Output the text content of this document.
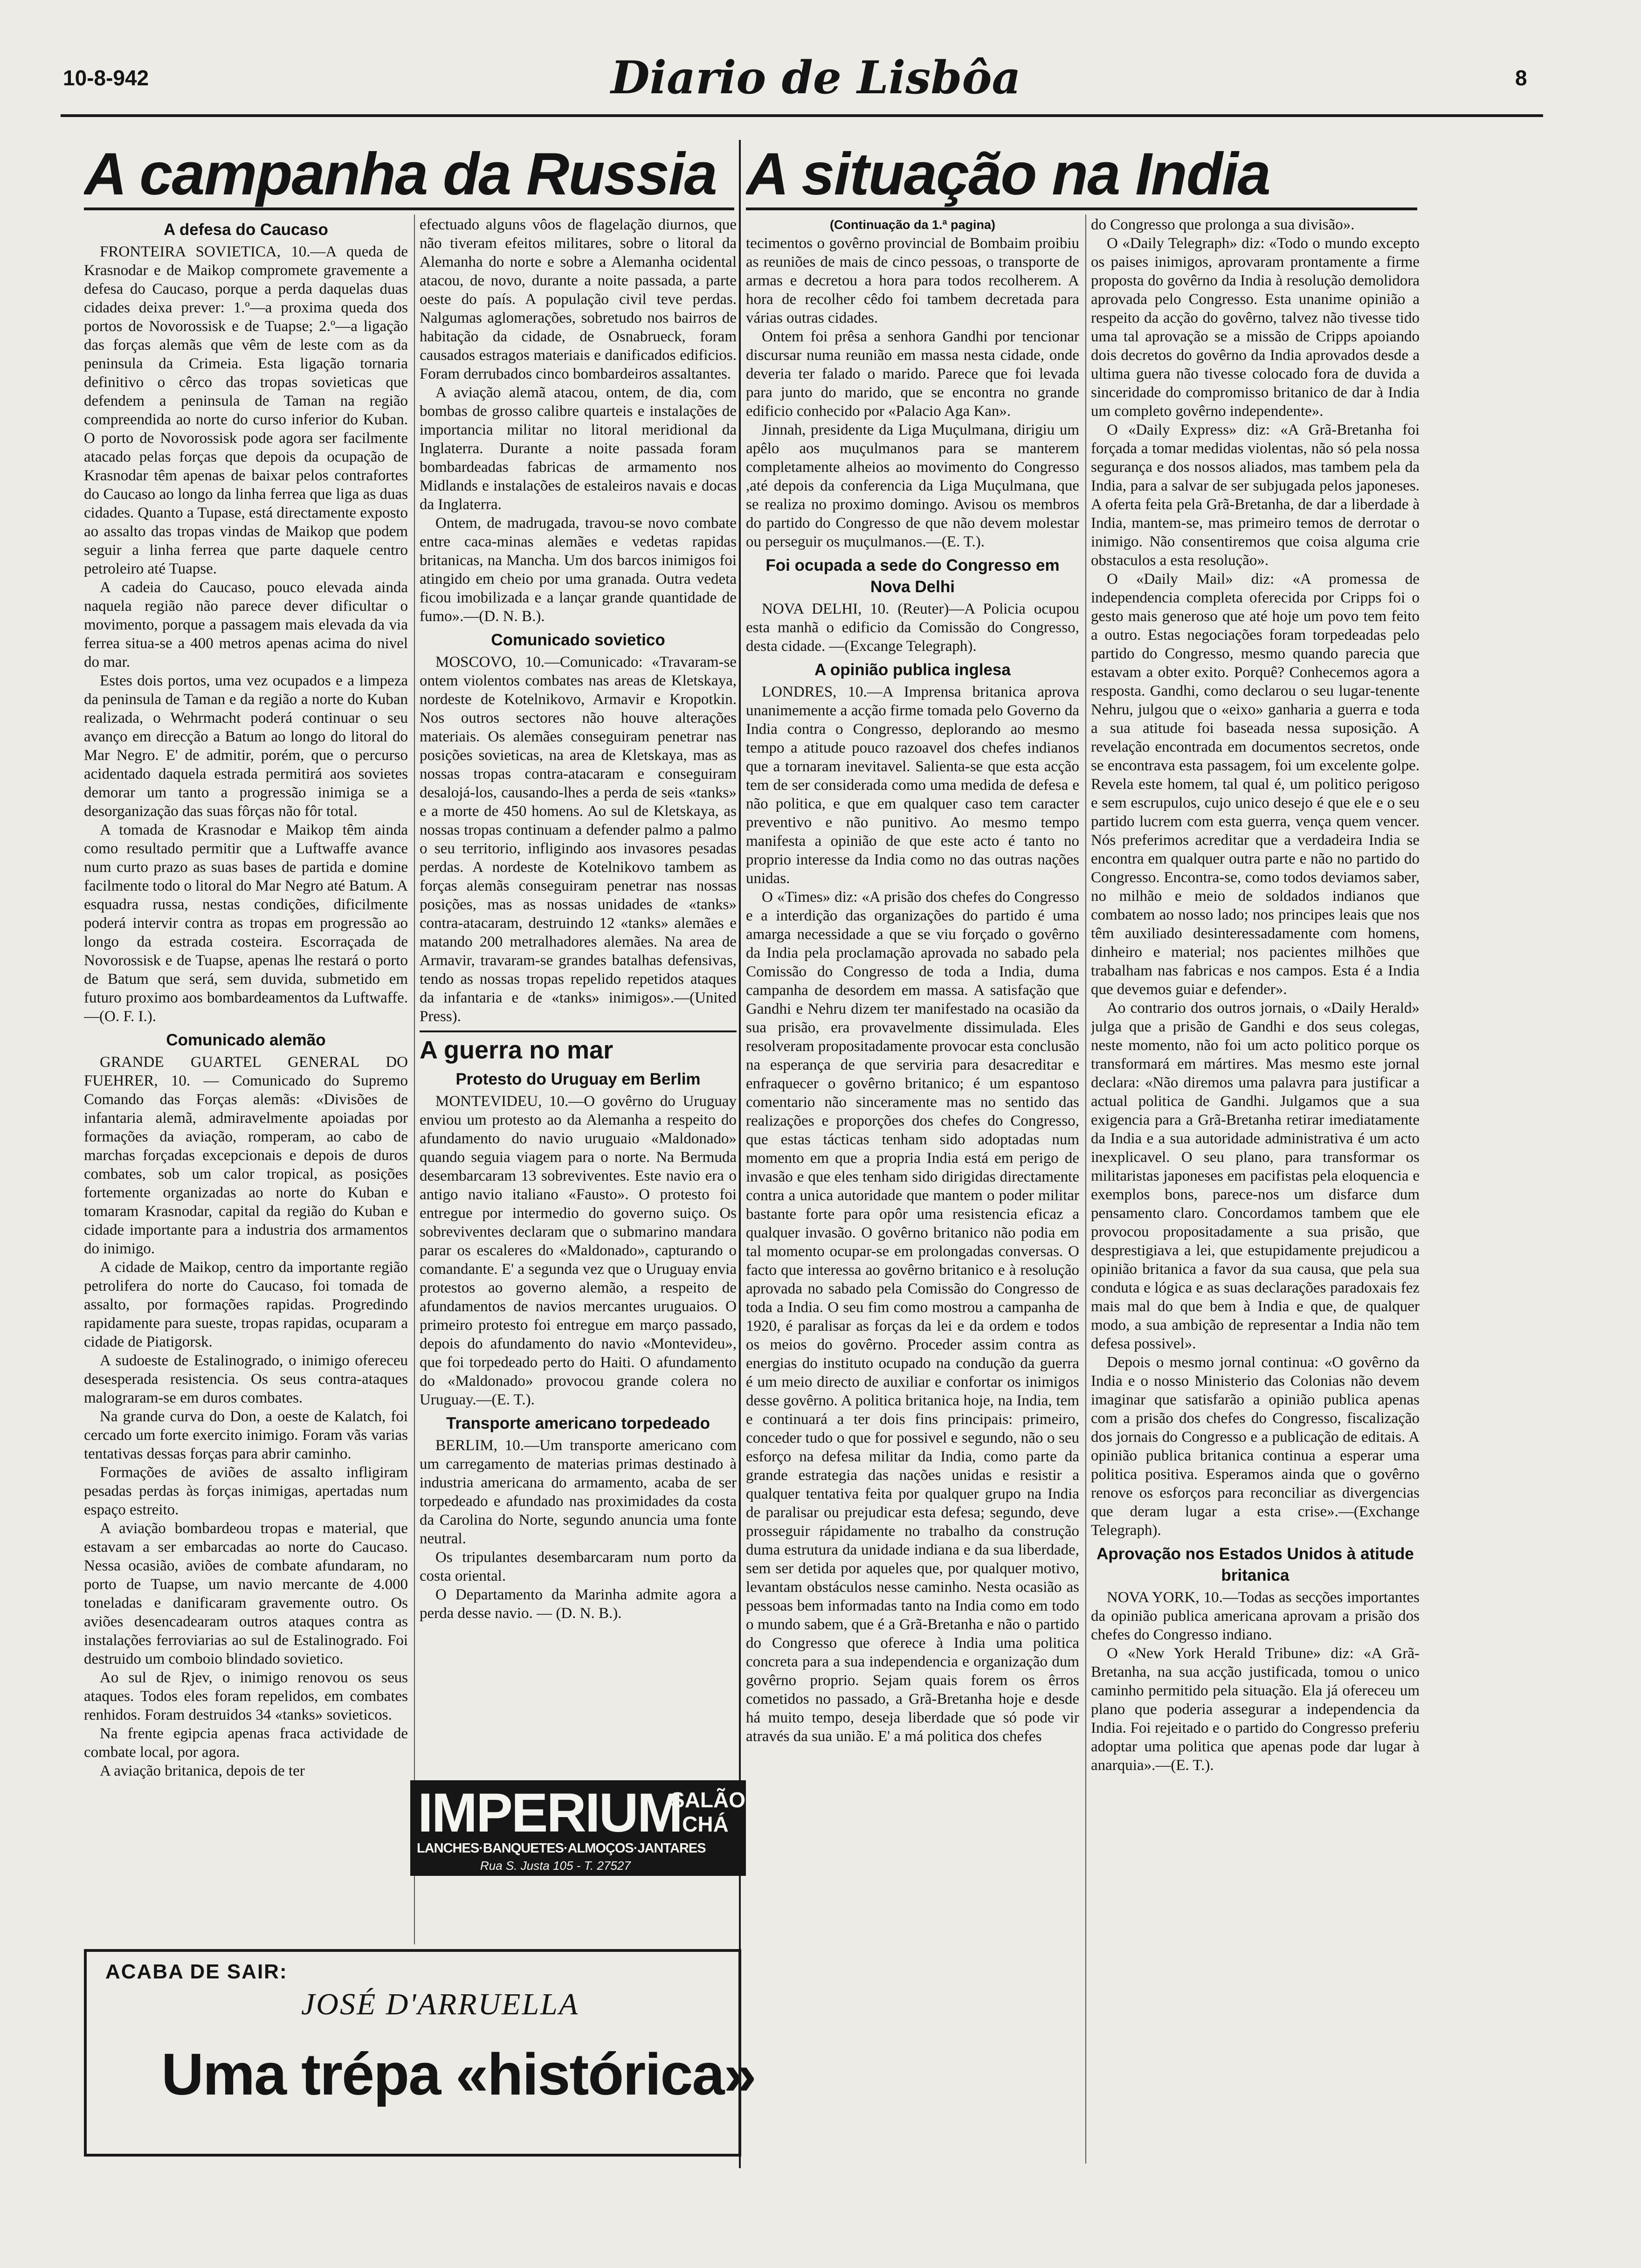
10-8-942	Diario de Lisbôa	8
A campanha da Russia A situação na India
A defesa do Caucaso

FRONTEIRA SOVIETICA, 10.—A queda de Krasnodar e de Maikop compromete gravemente a defesa do Caucaso, porque a perda daquelas duas cidades deixa prever: 1.º—a proxima queda dos portos de Novorossisk e de Tuapse; 2.º—a ligação das forças alemãs que vêm de leste com as da peninsula da Crimeia. Esta ligação tornaria definitivo o cêrco das tropas sovieticas que defendem a peninsula de Taman na região compreendida ao norte do curso inferior do Kuban. O porto de Novorossisk pode agora ser facilmente atacado pelas forças que depois da ocupação de Krasnodar têm apenas de baixar pelos contrafortes do Caucaso ao longo da linha ferrea que liga as duas cidades. Quanto a Tupase, está directamente exposto ao assalto das tropas vindas de Maikop que podem seguir a linha ferrea que parte daquele centro petroleiro até Tuapse.

A cadeia do Caucaso, pouco elevada ainda naquela região não parece dever dificultar o movimento, porque a passagem mais elevada da via ferrea situa-se a 400 metros apenas acima do nivel do mar.

Estes dois portos, uma vez ocupados e a limpeza da peninsula de Taman e da região a norte do Kuban realizada, o Wehrmacht poderá continuar o seu avanço em direcção a Batum ao longo do litoral do Mar Negro. E' de admitir, porém, que o percurso acidentado daquela estrada permitirá aos sovietes demorar um tanto a progressão inimiga se a desorganização das suas fôrças não fôr total.

A tomada de Krasnodar e Maikop têm ainda como resultado permitir que a Luftwaffe avance num curto prazo as suas bases de partida e domine facilmente todo o litoral do Mar Negro até Batum. A esquadra russa, nestas condições, dificilmente poderá intervir contra as tropas em progressão ao longo da estrada costeira. Escorraçada de Novorossisk e de Tuapse, apenas lhe restará o porto de Batum que será, sem duvida, submetido em futuro proximo aos bombardeamentos da Luftwaffe.—(O. F. I.).

Comunicado alemão

GRANDE GUARTEL GENERAL DO FUEHRER, 10. — Comunicado do Supremo Comando das Forças alemãs: «Divisões de infantaria alemã, admiravelmente apoiadas por formações da aviação, romperam, ao cabo de marchas forçadas excepcionais e depois de duros combates, sob um calor tropical, as posições fortemente organizadas ao norte do Kuban e tomaram Krasnodar, capital da região do Kuban e cidade importante para a industria dos armamentos do inimigo.

A cidade de Maikop, centro da importante região petrolifera do norte do Caucaso, foi tomada de assalto, por formações rapidas. Progredindo rapidamente para sueste, tropas rapidas, ocuparam a cidade de Piatigorsk.

A sudoeste de Estalinogrado, o inimigo ofereceu desesperada resistencia. Os seus contra-ataques malograram-se em duros combates.

Na grande curva do Don, a oeste de Kalatch, foi cercado um forte exercito inimigo. Foram vãs varias tentativas dessas forças para abrir caminho.

Formações de aviões de assalto infligiram pesadas perdas às forças inimigas, apertadas num espaço estreito.

A aviação bombardeou tropas e material, que estavam a ser embarcadas ao norte do Caucaso. Nessa ocasião, aviões de combate afundaram, no porto de Tuapse, um navio mercante de 4.000 toneladas e danificaram gravemente outro. Os aviões desencadearam outros ataques contra as instalações ferroviarias ao sul de Estalinogrado. Foi destruido um comboio blindado sovietico.

Ao sul de Rjev, o inimigo renovou os seus ataques. Todos eles foram repelidos, em combates renhidos. Foram destruidos 34 «tanks» sovieticos.

Na frente egipcia apenas fraca actividade de combate local, por agora.

A aviação britanica, depois de ter

efectuado alguns vôos de flagelação diurnos, que não tiveram efeitos militares, sobre o litoral da Alemanha do norte e sobre a Alemanha ocidental atacou, de novo, durante a noite passada, a parte oeste do país. A população civil teve perdas. Nalgumas aglomerações, sobretudo nos bairros de habitação da cidade, de Osnabrueck, foram causados estragos materiais e danificados edificios. Foram derrubados cinco bombardeiros assaltantes.

A aviação alemã atacou, ontem, de dia, com bombas de grosso calibre quarteis e instalações de importancia militar no litoral meridional da Inglaterra. Durante a noite passada foram bombardeadas fabricas de armamento nos Midlands e instalações de estaleiros navais e docas da Inglaterra.

Ontem, de madrugada, travou-se novo combate entre caca-minas alemães e vedetas rapidas britanicas, na Mancha. Um dos barcos inimigos foi atingido em cheio por uma granada. Outra vedeta ficou imobilizada e a lançar grande quantidade de fumo».—(D. N. B.).

Comunicado sovietico

MOSCOVO, 10.—Comunicado: «Travaram-se ontem violentos combates nas areas de Kletskaya, nordeste de Kotelnikovo, Armavir e Kropotkin. Nos outros sectores não houve alterações materiais. Os alemães conseguiram penetrar nas posições sovieticas, na area de Kletskaya, mas as nossas tropas contra-atacaram e conseguiram desalojá-los, causando-lhes a perda de seis «tanks» e a morte de 450 homens. Ao sul de Kletskaya, as nossas tropas continuam a defender palmo a palmo o seu territorio, infligindo aos invasores pesadas perdas. A nordeste de Kotelnikovo tambem as forças alemãs conseguiram penetrar nas nossas posições, mas as nossas unidades de «tanks» contra-atacaram, destruindo 12 «tanks» alemães e matando 200 metralhadores alemães. Na area de Armavir, travaram-se grandes batalhas defensivas, tendo as nossas tropas repelido repetidos ataques da infantaria e de «tanks» inimigos».—(United Press).

A guerra no mar
Protesto do Uruguay em Berlim

MONTEVIDEU, 10.—O govêrno do Uruguay enviou um protesto ao da Alemanha a respeito do afundamento do navio uruguaio «Maldonado» quando seguia viagem para o norte. Na Bermuda desembarcaram 13 sobreviventes. Este navio era o antigo navio italiano «Fausto». O protesto foi entregue por intermedio do governo suiço. Os sobreviventes declaram que o submarino mandara parar os escaleres do «Maldonado», capturando o comandante. E' a segunda vez que o Uruguay envia protestos ao governo alemão, a respeito de afundamentos de navios mercantes uruguaios. O primeiro protesto foi entregue em março passado, depois do afundamento do navio «Montevideu», que foi torpedeado perto do Haiti. O afundamento do «Maldonado» provocou grande colera no Uruguay.—(E. T.).

Transporte americano torpedeado

BERLIM, 10.—Um transporte americano com um carregamento de materias primas destinado à industria americana do armamento, acaba de ser torpedeado e afundado nas proximidades da costa da Carolina do Norte, segundo anuncia uma fonte neutral.

Os tripulantes desembarcaram num porto da costa oriental.

O Departamento da Marinha admite agora a perda desse navio. — (D. N. B.).

IMPERIUM
SALÃO CHÁ
LANCHES·BANQUETES·ALMOÇOS·JANTARES
Rua S. Justa 105 - T. 27527
(Continuação da 1.ª pagina)

tecimentos o govêrno provincial de Bombaim proibiu as reuniões de mais de cinco pessoas, o transporte de armas e decretou a hora para todos recolherem. A hora de recolher cêdo foi tambem decretada para várias outras cidades.

Ontem foi prêsa a senhora Gandhi por tencionar discursar numa reunião em massa nesta cidade, onde deveria ter falado o marido. Parece que foi levada para junto do marido, que se encontra no grande edificio conhecido por «Palacio Aga Kan».

Jinnah, presidente da Liga Muçulmana, dirigiu um apêlo aos muçulmanos para se manterem completamente alheios ao movimento do Congresso ,até depois da conferencia da Liga Muçulmana, que se realiza no proximo domingo. Avisou os membros do partido do Congresso de que não devem molestar ou perseguir os muçulmanos.—(E. T.).

Foi ocupada a sede do Congresso em Nova Delhi

NOVA DELHI, 10. (Reuter)—A Policia ocupou esta manhã o edificio da Comissão do Congresso, desta cidade. —(Excange Telegraph).

A opinião publica inglesa

LONDRES, 10.—A Imprensa britanica aprova unanimemente a acção firme tomada pelo Governo da India contra o Congresso, deplorando ao mesmo tempo a atitude pouco razoavel dos chefes indianos que a tornaram inevitavel. Salienta-se que esta acção tem de ser considerada como uma medida de defesa e não politica, e que em qualquer caso tem caracter preventivo e não punitivo. Ao mesmo tempo manifesta a opinião de que este acto é tanto no proprio interesse da India como no das outras nações unidas.

O «Times» diz: «A prisão dos chefes do Congresso e a interdição das organizações do partido é uma amarga necessidade a que se viu forçado o govêrno da India pela proclamação aprovada no sabado pela Comissão do Congresso de toda a India, duma campanha de desordem em massa. A satisfação que Gandhi e Nehru dizem ter manifestado na ocasião da sua prisão, era provavelmente dissimulada. Eles resolveram propositadamente provocar esta conclusão na esperança de que serviria para desacreditar e enfraquecer o govêrno britanico; é um espantoso comentario não sinceramente mas no sentido das realizações e proporções dos chefes do Congresso, que estas tácticas tenham sido adoptadas num momento em que a propria India está em perigo de invasão e que eles tenham sido dirigidas directamente contra a unica autoridade que mantem o poder militar bastante forte para opôr uma resistencia eficaz a qualquer invasão. O govêrno britanico não podia em tal momento ocupar-se em prolongadas conversas. O facto que interessa ao govêrno britanico e à resolução aprovada no sabado pela Comissão do Congresso de toda a India. O seu fim como mostrou a campanha de 1920, é paralisar as forças da lei e da ordem e todos os meios do govêrno. Proceder assim contra as energias do instituto ocupado na condução da guerra é um meio directo de auxiliar e confortar os inimigos desse govêrno. A politica britanica hoje, na India, tem e continuará a ter dois fins principais: primeiro, conceder tudo o que for possivel e segundo, não o seu esforço na defesa militar da India, como parte da grande estrategia das nações unidas e resistir a qualquer tentativa feita por qualquer grupo na India de paralisar ou prejudicar esta defesa; segundo, deve prosseguir rápidamente no trabalho da construção duma estrutura da unidade indiana e da sua liberdade, sem ser detida por aqueles que, por qualquer motivo, levantam obstáculos nesse caminho. Nesta ocasião as pessoas bem informadas tanto na India como em todo o mundo sabem, que é a Grã-Bretanha e não o partido do Congresso que oferece à India uma politica concreta para a sua independencia e organização dum govêrno proprio. Sejam quais forem os êrros cometidos no passado, a Grã-Bretanha hoje e desde há muito tempo, deseja liberdade que só pode vir através da sua união. E' a má politica dos chefes

do Congresso que prolonga a sua divisão».

O «Daily Telegraph» diz: «Todo o mundo excepto os paises inimigos, aprovaram prontamente a firme proposta do govêrno da India à resolução demolidora aprovada pelo Congresso. Esta unanime opinião a respeito da acção do govêrno, talvez não tivesse tido uma tal aprovação se a missão de Cripps apoiando dois decretos do govêrno da India aprovados desde a ultima guera não tivesse colocado fora de duvida a sinceridade do compromisso britanico de dar à India um completo govêrno independente».

O «Daily Express» diz: «A Grã-Bretanha foi forçada a tomar medidas violentas, não só pela nossa segurança e dos nossos aliados, mas tambem pela da India, para a salvar de ser subjugada pelos japoneses. A oferta feita pela Grã-Bretanha, de dar a liberdade à India, mantem-se, mas primeiro temos de derrotar o inimigo. Não consentiremos que coisa alguma crie obstaculos a esta resolução».

O «Daily Mail» diz: «A promessa de independencia completa oferecida por Cripps foi o gesto mais generoso que até hoje um povo tem feito a outro. Estas negociações foram torpedeadas pelo partido do Congresso, mesmo quando parecia que estavam a obter exito. Porquê? Conhecemos agora a resposta. Gandhi, como declarou o seu lugar-tenente Nehru, julgou que o «eixo» ganharia a guerra e toda a sua atitude foi baseada nessa suposição. A revelação encontrada em documentos secretos, onde se encontrava esta passagem, foi um excelente golpe. Revela este homem, tal qual é, um politico perigoso e sem escrupulos, cujo unico desejo é que ele e o seu partido lucrem com esta guerra, vença quem vencer. Nós preferimos acreditar que a verdadeira India se encontra em qualquer outra parte e não no partido do Congresso. Encontra-se, como todos deviamos saber, no milhão e meio de soldados indianos que combatem ao nosso lado; nos principes leais que nos têm auxiliado desinteressadamente com homens, dinheiro e material; nos pacientes milhões que trabalham nas fabricas e nos campos. Esta é a India que devemos guiar e defender».

Ao contrario dos outros jornais, o «Daily Herald» julga que a prisão de Gandhi e dos seus colegas, neste momento, não foi um acto politico porque os transformará em mártires. Mas mesmo este jornal declara: «Não diremos uma palavra para justificar a actual politica de Gandhi. Julgamos que a sua exigencia para a Grã-Bretanha retirar imediatamente da India e a sua autoridade administrativa é um acto inexplicavel. O seu plano, para transformar os militaristas japoneses em pacifistas pela eloquencia e exemplos bons, parece-nos um disfarce dum pensamento claro. Concordamos tambem que ele provocou propositadamente a sua prisão, que desprestigiava a lei, que estupidamente prejudicou a opinião britanica a favor da sua causa, que pela sua conduta e lógica e as suas declarações paradoxais fez mais mal do que bem à India e que, de qualquer modo, a sua ambição de representar a India não tem defesa possivel».

Depois o mesmo jornal continua: «O govêrno da India e o nosso Ministerio das Colonias não devem imaginar que satisfarão a opinião publica apenas com a prisão dos chefes do Congresso, fiscalização dos jornais do Congresso e a publicação de editais. A opinião publica britanica continua a esperar uma politica positiva. Esperamos ainda que o govêrno renove os esforços para reconciliar as divergencias que deram lugar a esta crise».—(Exchange Telegraph).

Aprovação nos Estados Unidos à atitude britanica

NOVA YORK, 10.—Todas as secções importantes da opinião publica americana aprovam a prisão dos chefes do Congresso indiano.

O «New York Herald Tribune» diz: «A Grã-Bretanha, na sua acção justificada, tomou o unico caminho permitido pela situação. Ela já ofereceu um plano que poderia assegurar a independencia da India. Foi rejeitado e o partido do Congresso preferiu adoptar uma politica que apenas pode dar lugar à anarquia».—(E. T.).

ACABA DE SAIR:
JOSÉ D'ARRUELLA
Uma trépa «histórica»
